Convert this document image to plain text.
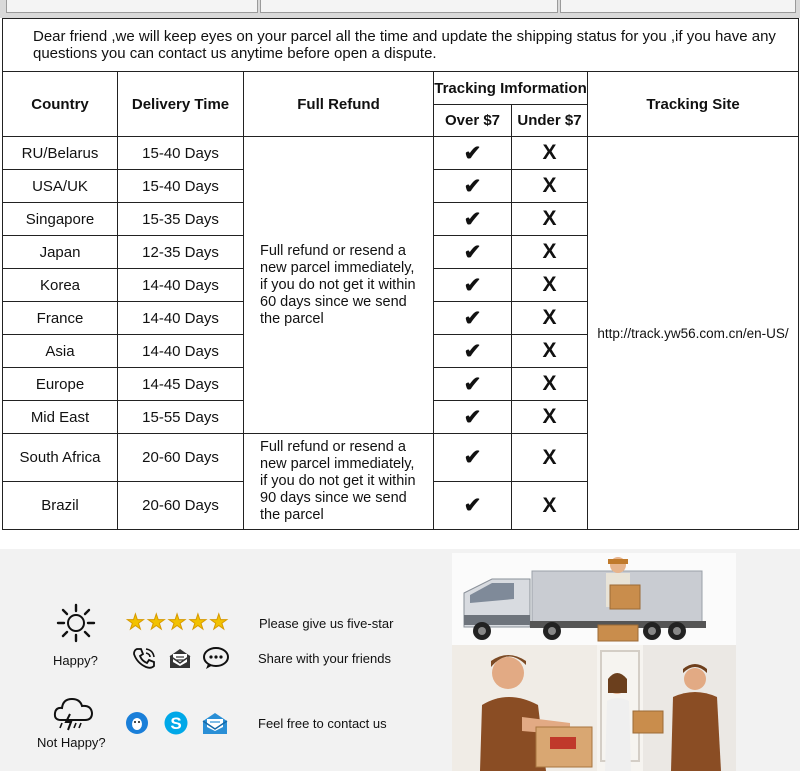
Dear friend ,we will keep eyes on your parcel all the time and update the shipping status for you ,if you have any questions you can contact us anytime before open a dispute.					
Country	Delivery Time	Full Refund	Tracking Imformation		Tracking Site
			Over $7	Under $7	
RU/Belarus	15-40 Days	Full refund or resend a new parcel immediately, if you do not get it within 60 days since we send the parcel	✔	X	http://track.yw56.com.cn/en-US/
USA/UK	15-40 Days		✔	X	
Singapore	15-35 Days		✔	X	
Japan	12-35 Days		✔	X	
Korea	14-40 Days		✔	X	
France	14-40 Days		✔	X	
Asia	14-40 Days		✔	X	
Europe	14-45 Days		✔	X	
Mid East	15-55 Days		✔	X	
South Africa	20-60 Days	Full refund or resend a new parcel immediately, if you do not get it within 90 days since we send the parcel	✔	X	
Brazil	20-60 Days		✔	X	
Happy?
★★★★★ Please give us five-star
Share with your friends
Not Happy?
S	Feel free to contact us
